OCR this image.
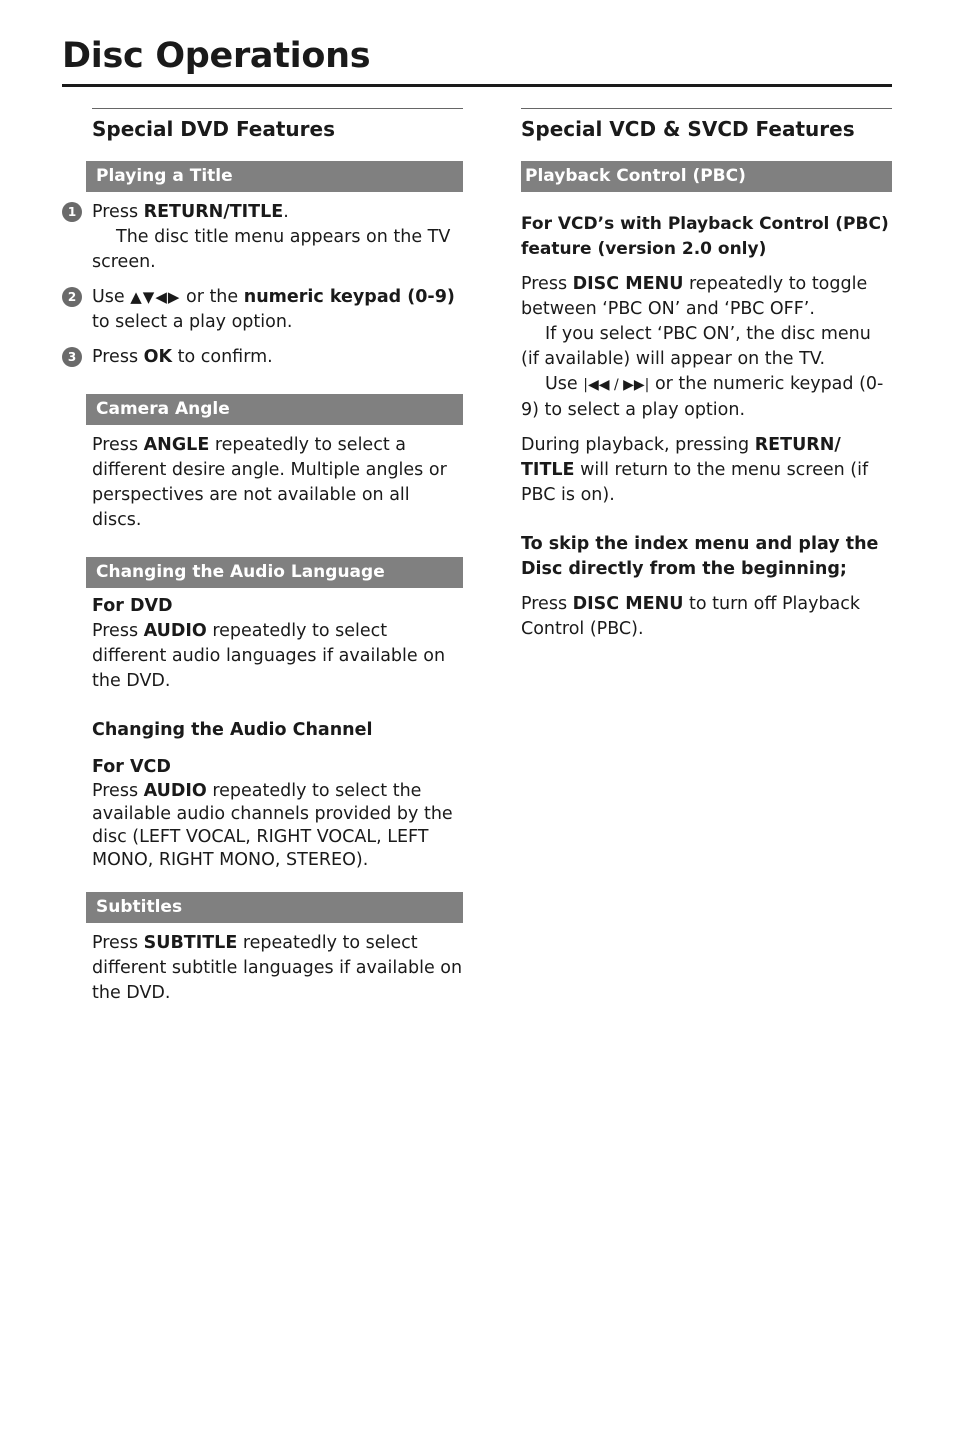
Disc Operations
Special DVD Features
Playing a Title
1 Press RETURN/TITLE.

The disc title menu appears on the TV screen.

2 Use ▲▼◀▶ or the numeric keypad (0-9) to select a play option.

3 Press OK to confirm.

Camera Angle

Press ANGLE repeatedly to select a different desire angle. Multiple angles or perspectives are not available on all discs.

Changing the Audio Language

For DVD

Press AUDIO repeatedly to select different audio languages if available on the DVD.

Changing the Audio Channel

For VCD

Press AUDIO repeatedly to select the available audio channels provided by the disc (LEFT VOCAL, RIGHT VOCAL, LEFT MONO, RIGHT MONO, STEREO).

Subtitles

Press SUBTITLE repeatedly to select different subtitle languages if available on the DVD.

Special VCD & SVCD Features
Playback Control (PBC)

For VCD’s with Playback Control (PBC) feature (version 2.0 only)

Press DISC MENU repeatedly to toggle between ‘PBC ON’ and ‘PBC OFF’.

If you select ‘PBC ON’, the disc menu (if available) will appear on the TV.

Use |◀◀ / ▶▶| or the numeric keypad (0-9) to select a play option.

During playback, pressing RETURN/ TITLE will return to the menu screen (if PBC is on).

To skip the index menu and play the Disc directly from the beginning;

Press DISC MENU to turn off Playback Control (PBC).
